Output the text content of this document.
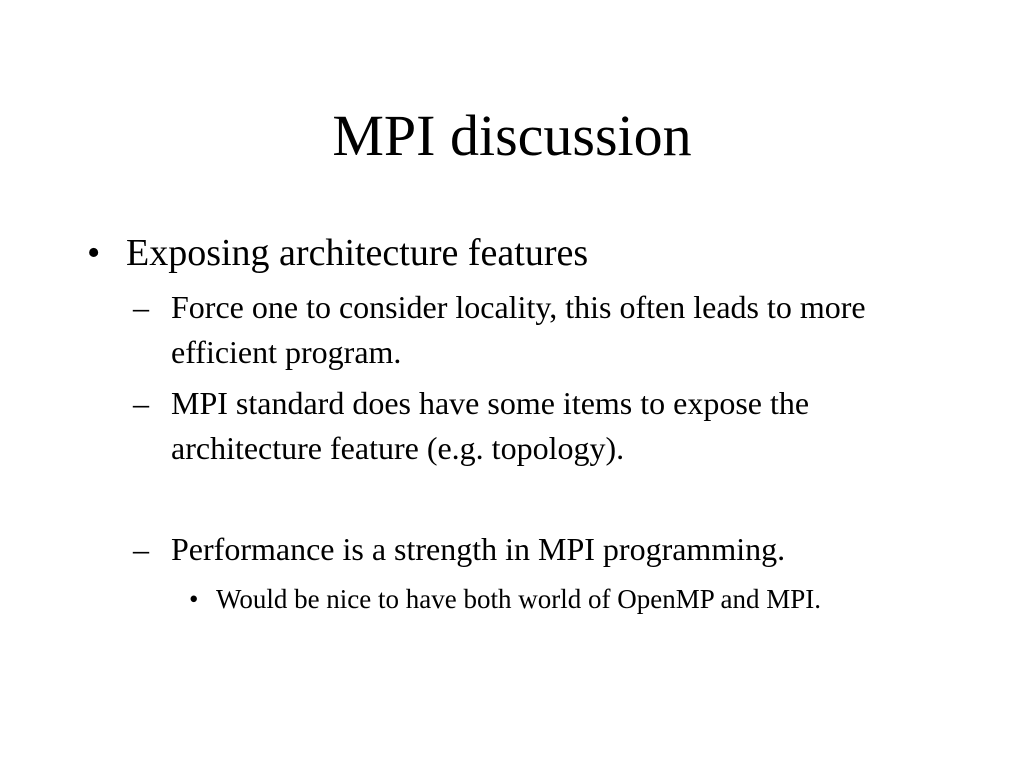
MPI discussion
• Exposing architecture features
– Force one to consider locality, this often leads to more efficient program.
– MPI standard does have some items to expose the architecture feature (e.g. topology).
– Performance is a strength in MPI programming.
• Would be nice to have both world of OpenMP and MPI.
